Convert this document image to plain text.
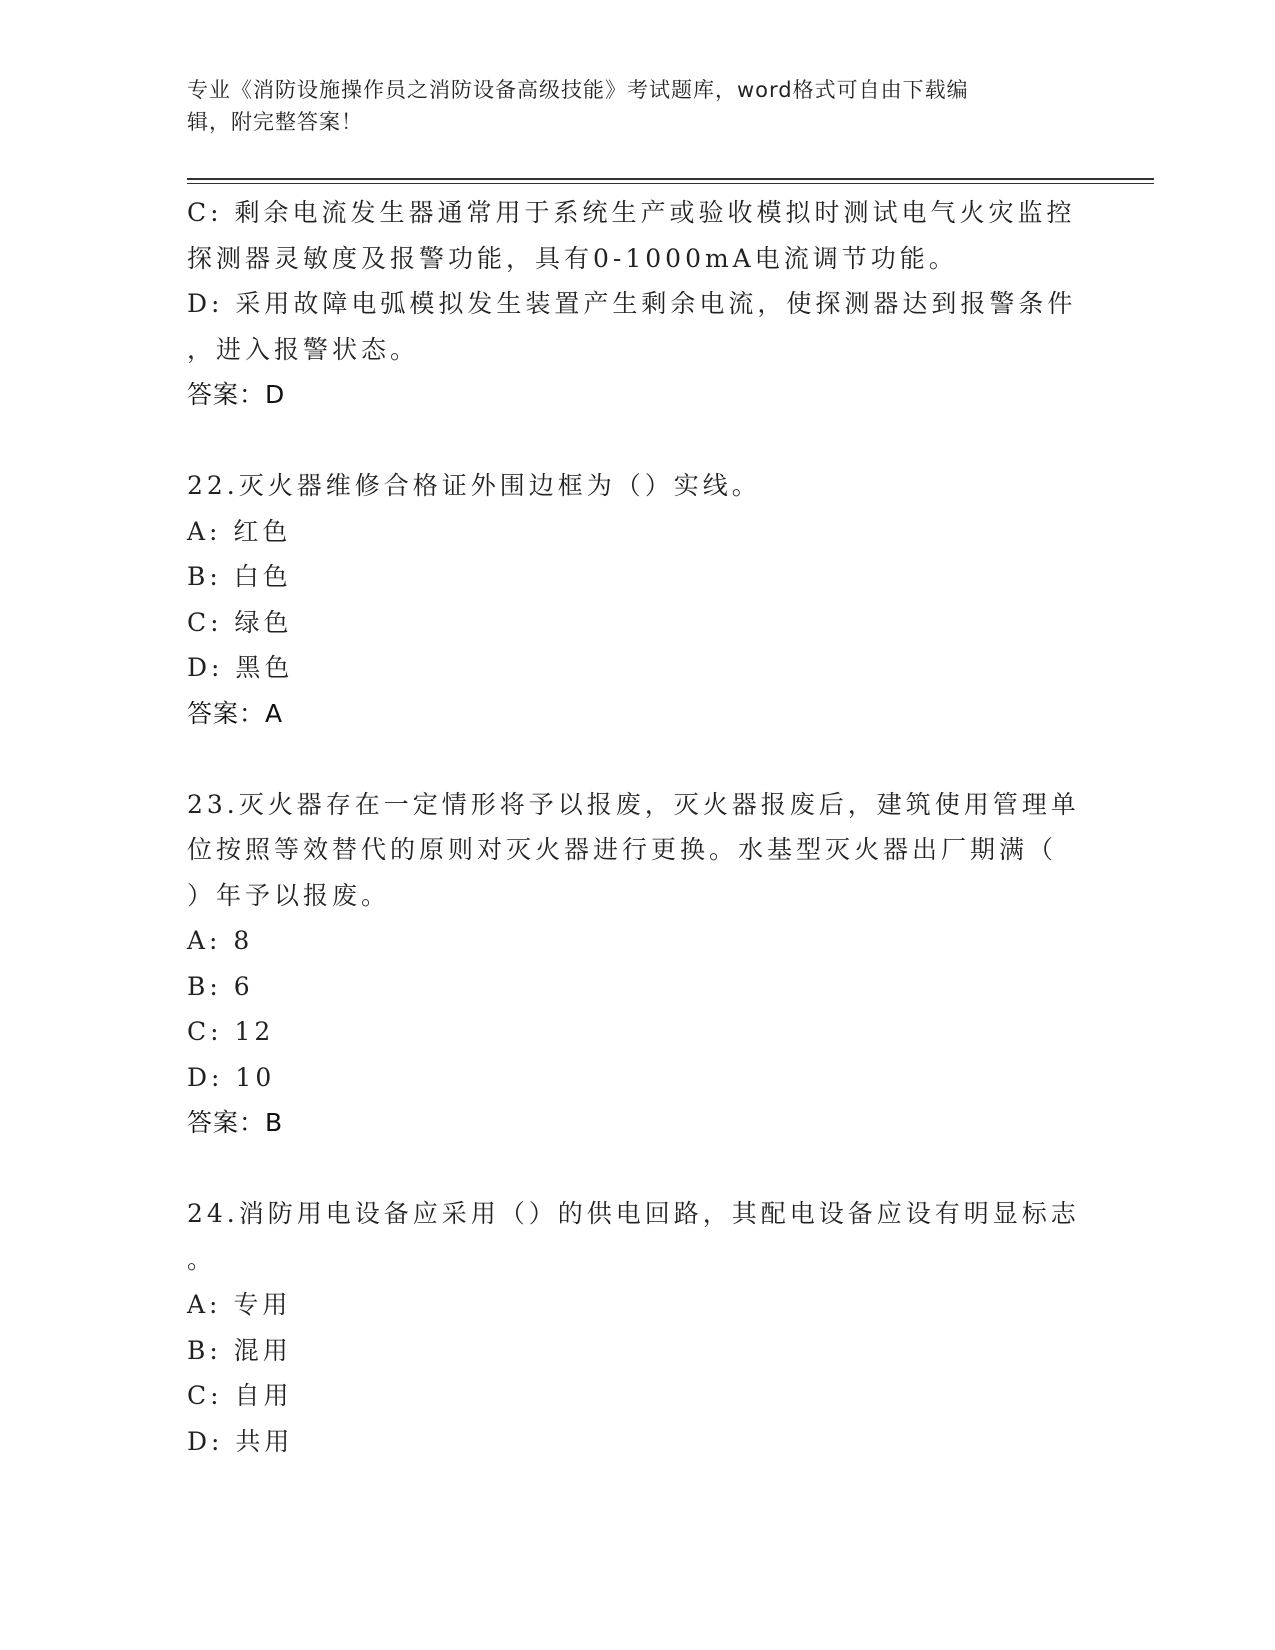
专业《消防设施操作员之消防设备高级技能》考试题库，word格式可自由下载编
辑，附完整答案！
C: 剩余电流发生器通常用于系统生产或验收模拟时测试电气火灾监控
探测器灵敏度及报警功能，具有0-1000mA电流调节功能。
D: 采用故障电弧模拟发生装置产生剩余电流，使探测器达到报警条件
，进入报警状态。
答案：D
22.灭火器维修合格证外围边框为（）实线。
A: 红色
B: 白色
C: 绿色
D: 黑色
答案：A
23.灭火器存在一定情形将予以报废，灭火器报废后，建筑使用管理单
位按照等效替代的原则对灭火器进行更换。水基型灭火器出厂期满（
）年予以报废。
A: 8
B: 6
C: 12
D: 10
答案：B
24.消防用电设备应采用（）的供电回路，其配电设备应设有明显标志
。
A: 专用
B: 混用
C: 自用
D: 共用
